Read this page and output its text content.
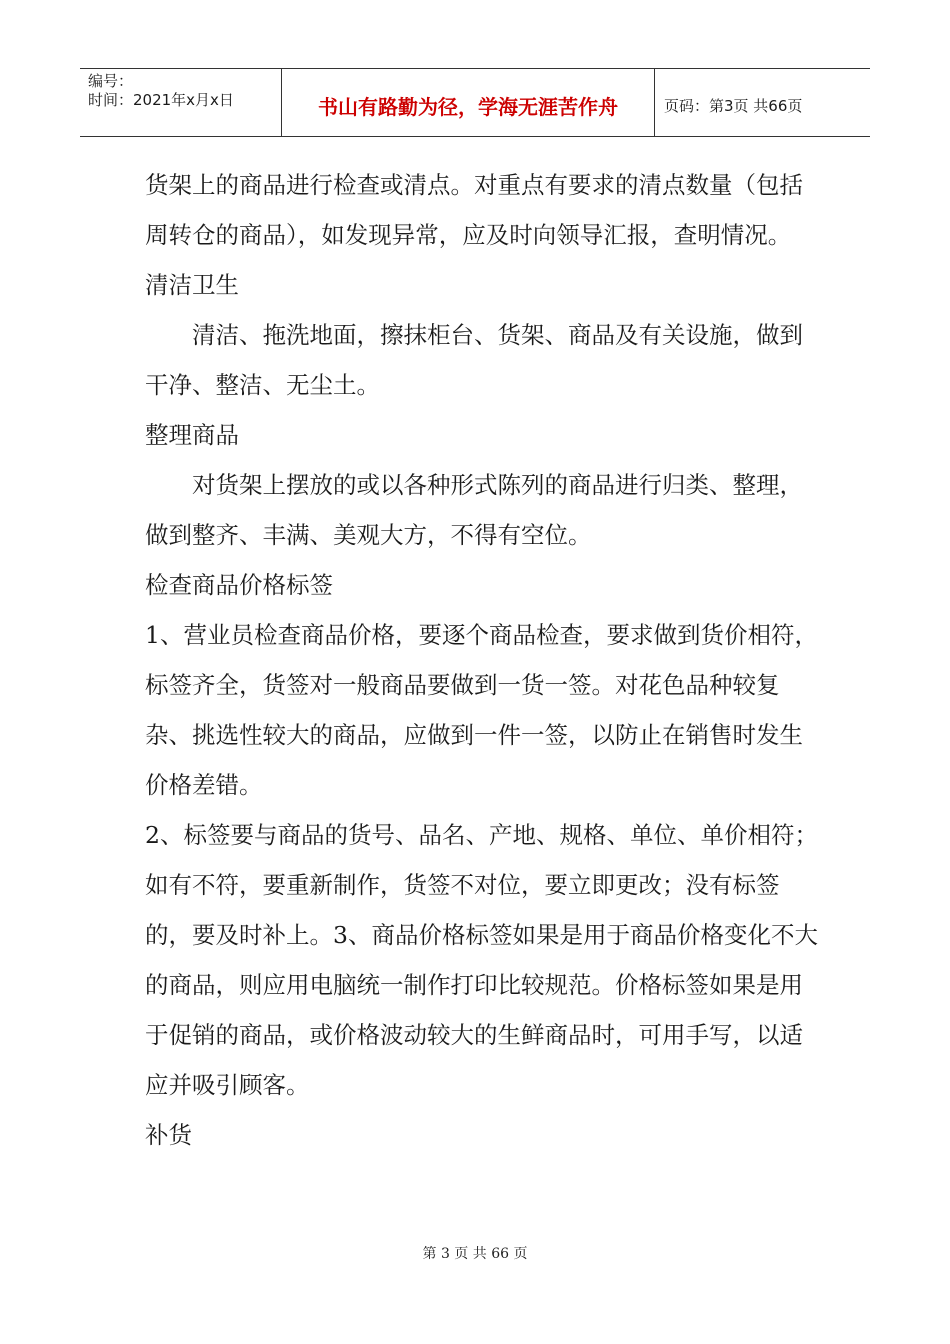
编号：
时间：2021年x月x日	书山有路勤为径，学海无涯苦作舟	页码：第3页 共66页

货架上的商品进行检查或清点。对重点有要求的清点数量（包括周转仓的商品），如发现异常，应及时向领导汇报，查明情况。

清洁卫生

清洁、拖洗地面，擦抹柜台、货架、商品及有关设施，做到干净、整洁、无尘土。

整理商品

对货架上摆放的或以各种形式陈列的商品进行归类、整理，做到整齐、丰满、美观大方，不得有空位。

检查商品价格标签

1、营业员检查商品价格，要逐个商品检查，要求做到货价相符，标签齐全，货签对一般商品要做到一货一签。对花色品种较复杂、挑选性较大的商品，应做到一件一签，以防止在销售时发生价格差错。

2、标签要与商品的货号、品名、产地、规格、单位、单价相符；如有不符，要重新制作，货签不对位，要立即更改；没有标签的，要及时补上。3、商品价格标签如果是用于商品价格变化不大的商品，则应用电脑统一制作打印比较规范。价格标签如果是用于促销的商品，或价格波动较大的生鲜商品时，可用手写，以适应并吸引顾客。

补货

第 3 页 共 66 页
